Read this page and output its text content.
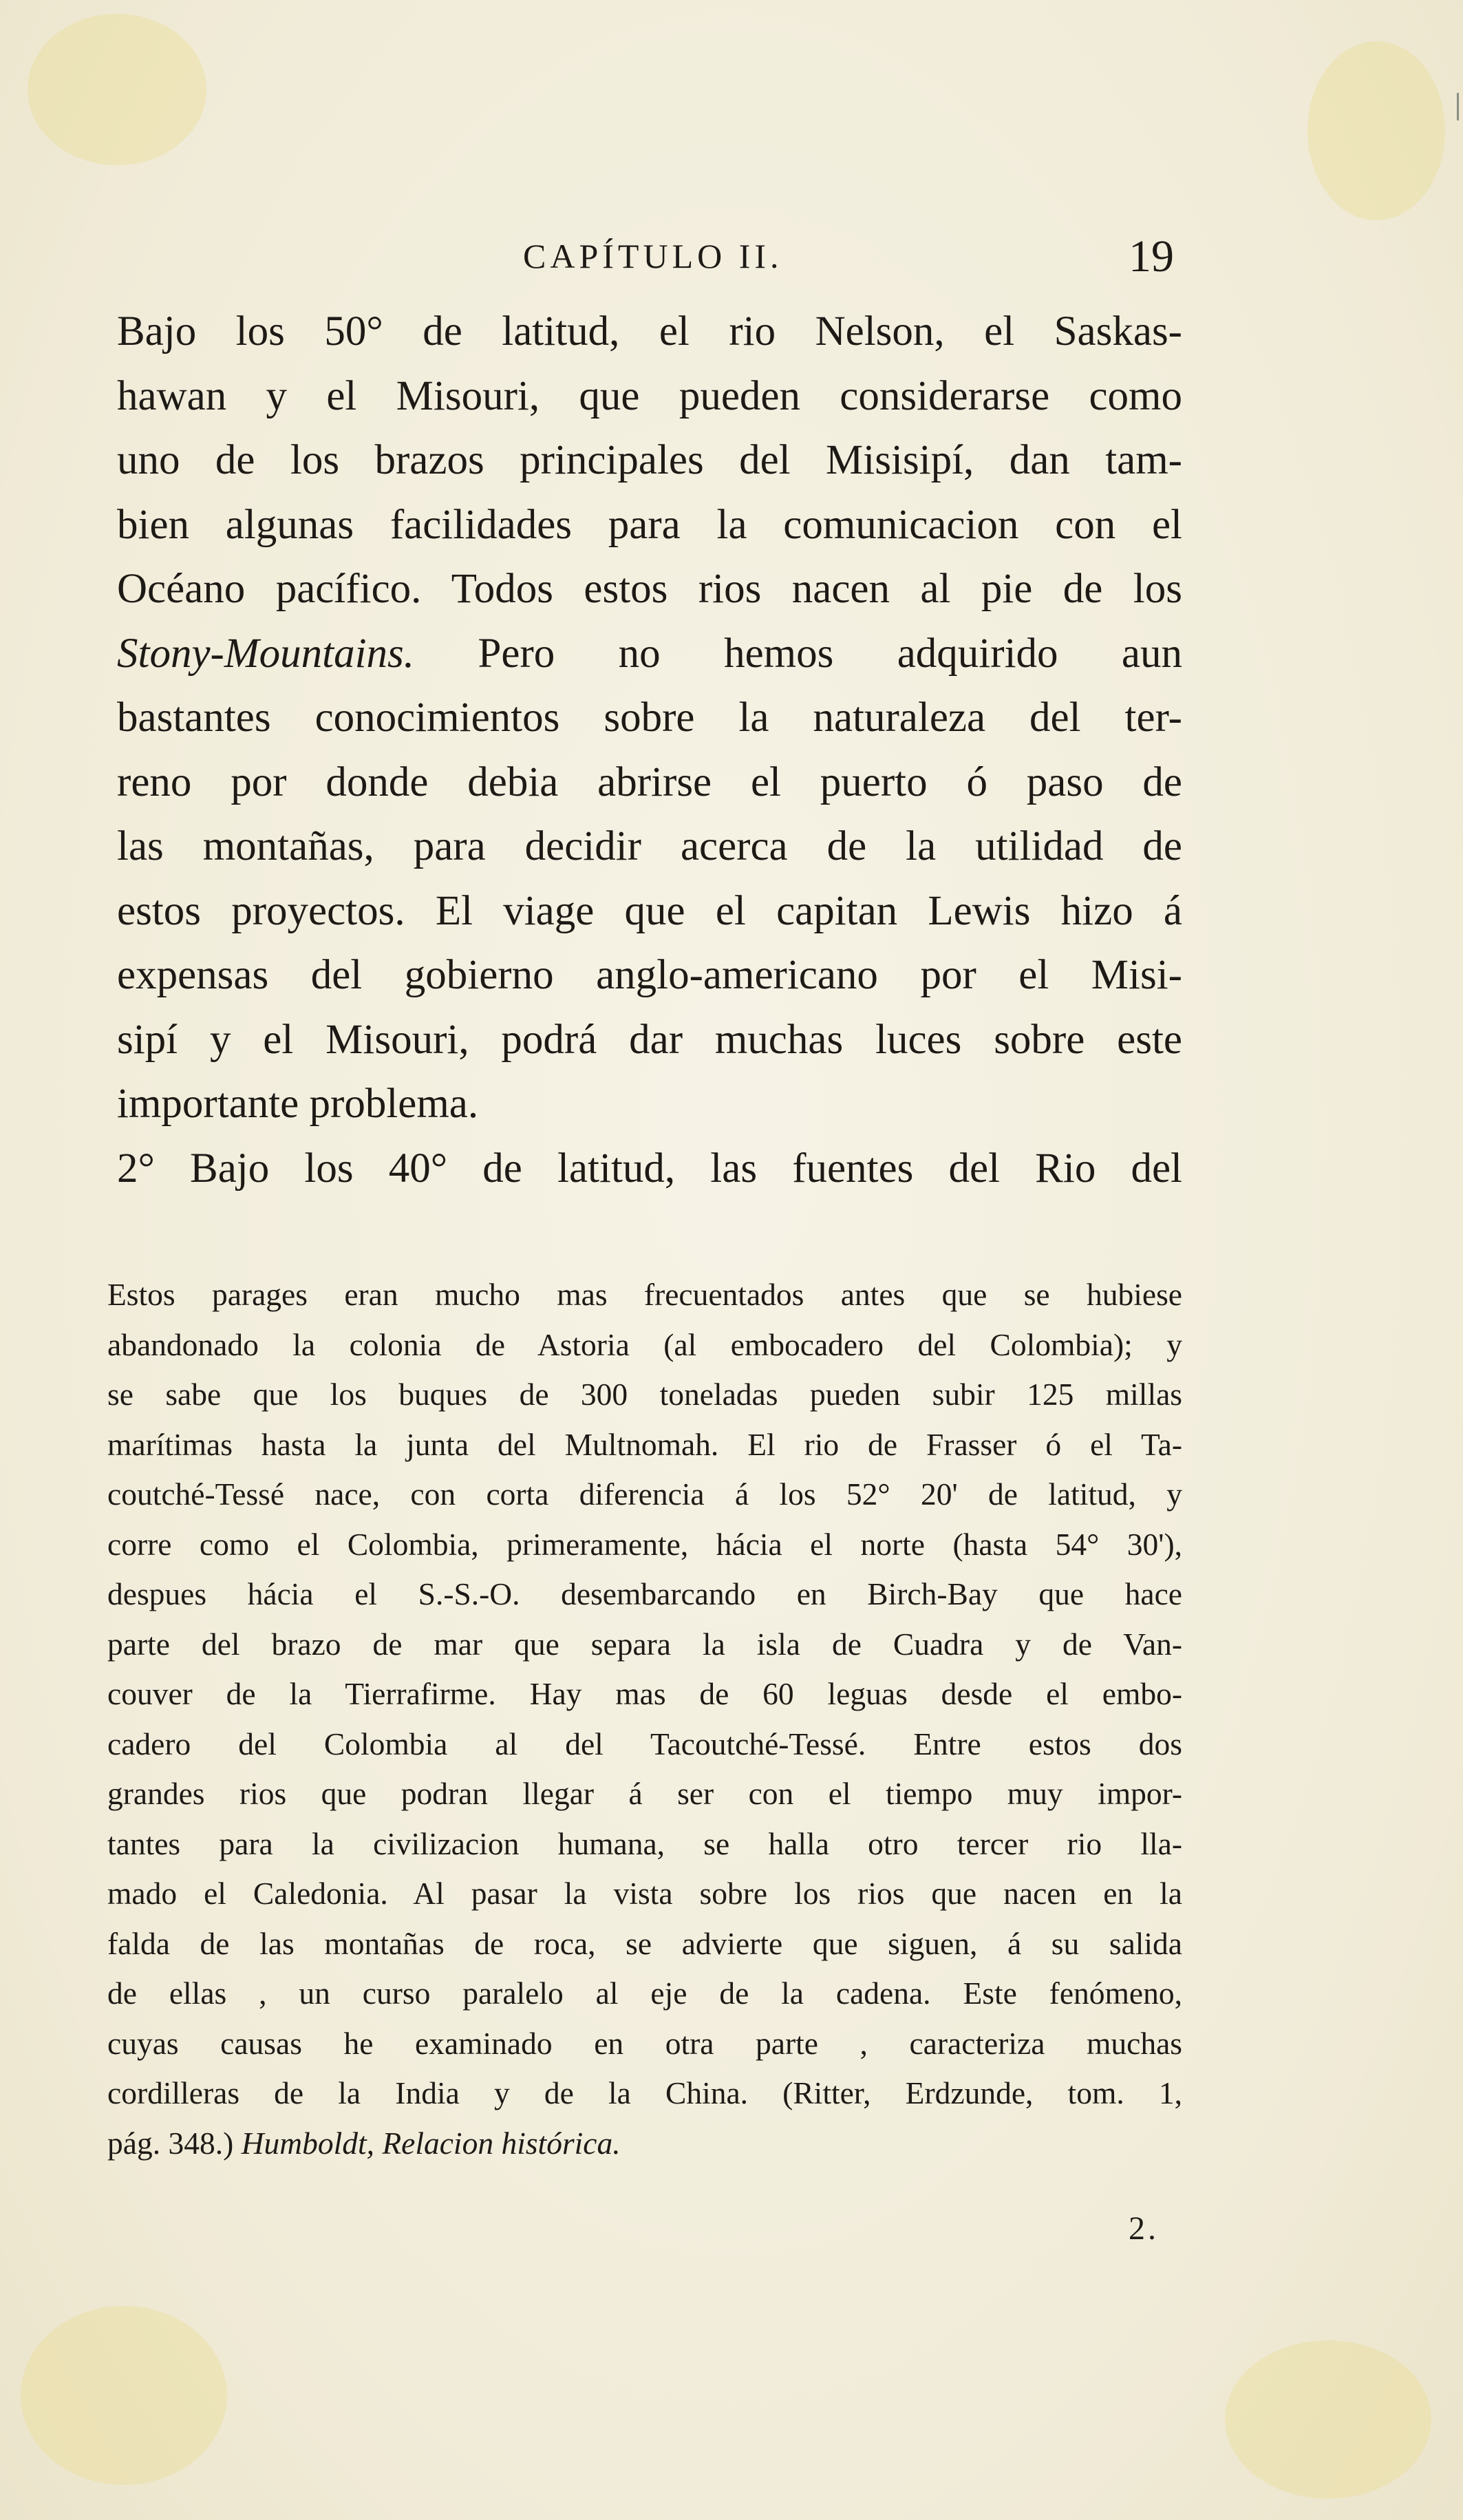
CAPÍTULO II.	19
Bajo los 50° de latitud, el rio Nelson, el Saskas-
hawan y el Misouri, que pueden considerarse como
uno de los brazos principales del Misisipí, dan tam-
bien algunas facilidades para la comunicacion con el
Océano pacífico. Todos estos rios nacen al pie de los
Stony-Mountains. Pero no hemos adquirido aun
bastantes conocimientos sobre la naturaleza del ter-
reno por donde debia abrirse el puerto ó paso de
las montañas, para decidir acerca de la utilidad de
estos proyectos. El viage que el capitan Lewis hizo á
expensas del gobierno anglo-americano por el Misi-
sipí y el Misouri, podrá dar muchas luces sobre este
importante problema.
2° Bajo los 40° de latitud, las fuentes del Rio del
Estos parages eran mucho mas frecuentados antes que se hubiese
abandonado la colonia de Astoria (al embocadero del Colombia); y
se sabe que los buques de 300 toneladas pueden subir 125 millas
marítimas hasta la junta del Multnomah. El rio de Frasser ó el Ta-
coutché-Tessé nace, con corta diferencia á los 52° 20' de latitud, y
corre como el Colombia, primeramente, hácia el norte (hasta 54° 30'),
despues hácia el S.-S.-O. desembarcando en Birch-Bay que hace
parte del brazo de mar que separa la isla de Cuadra y de Van-
couver de la Tierrafirme. Hay mas de 60 leguas desde el embo-
cadero del Colombia al del Tacoutché-Tessé. Entre estos dos
grandes rios que podran llegar á ser con el tiempo muy impor-
tantes para la civilizacion humana, se halla otro tercer rio lla-
mado el Caledonia. Al pasar la vista sobre los rios que nacen en la
falda de las montañas de roca, se advierte que siguen, á su salida
de ellas , un curso paralelo al eje de la cadena. Este fenómeno,
cuyas causas he examinado en otra parte , caracteriza muchas
cordilleras de la India y de la China. (Ritter, Erdzunde, tom. 1,
pág. 348.) Humboldt, Relacion histórica.
2.
